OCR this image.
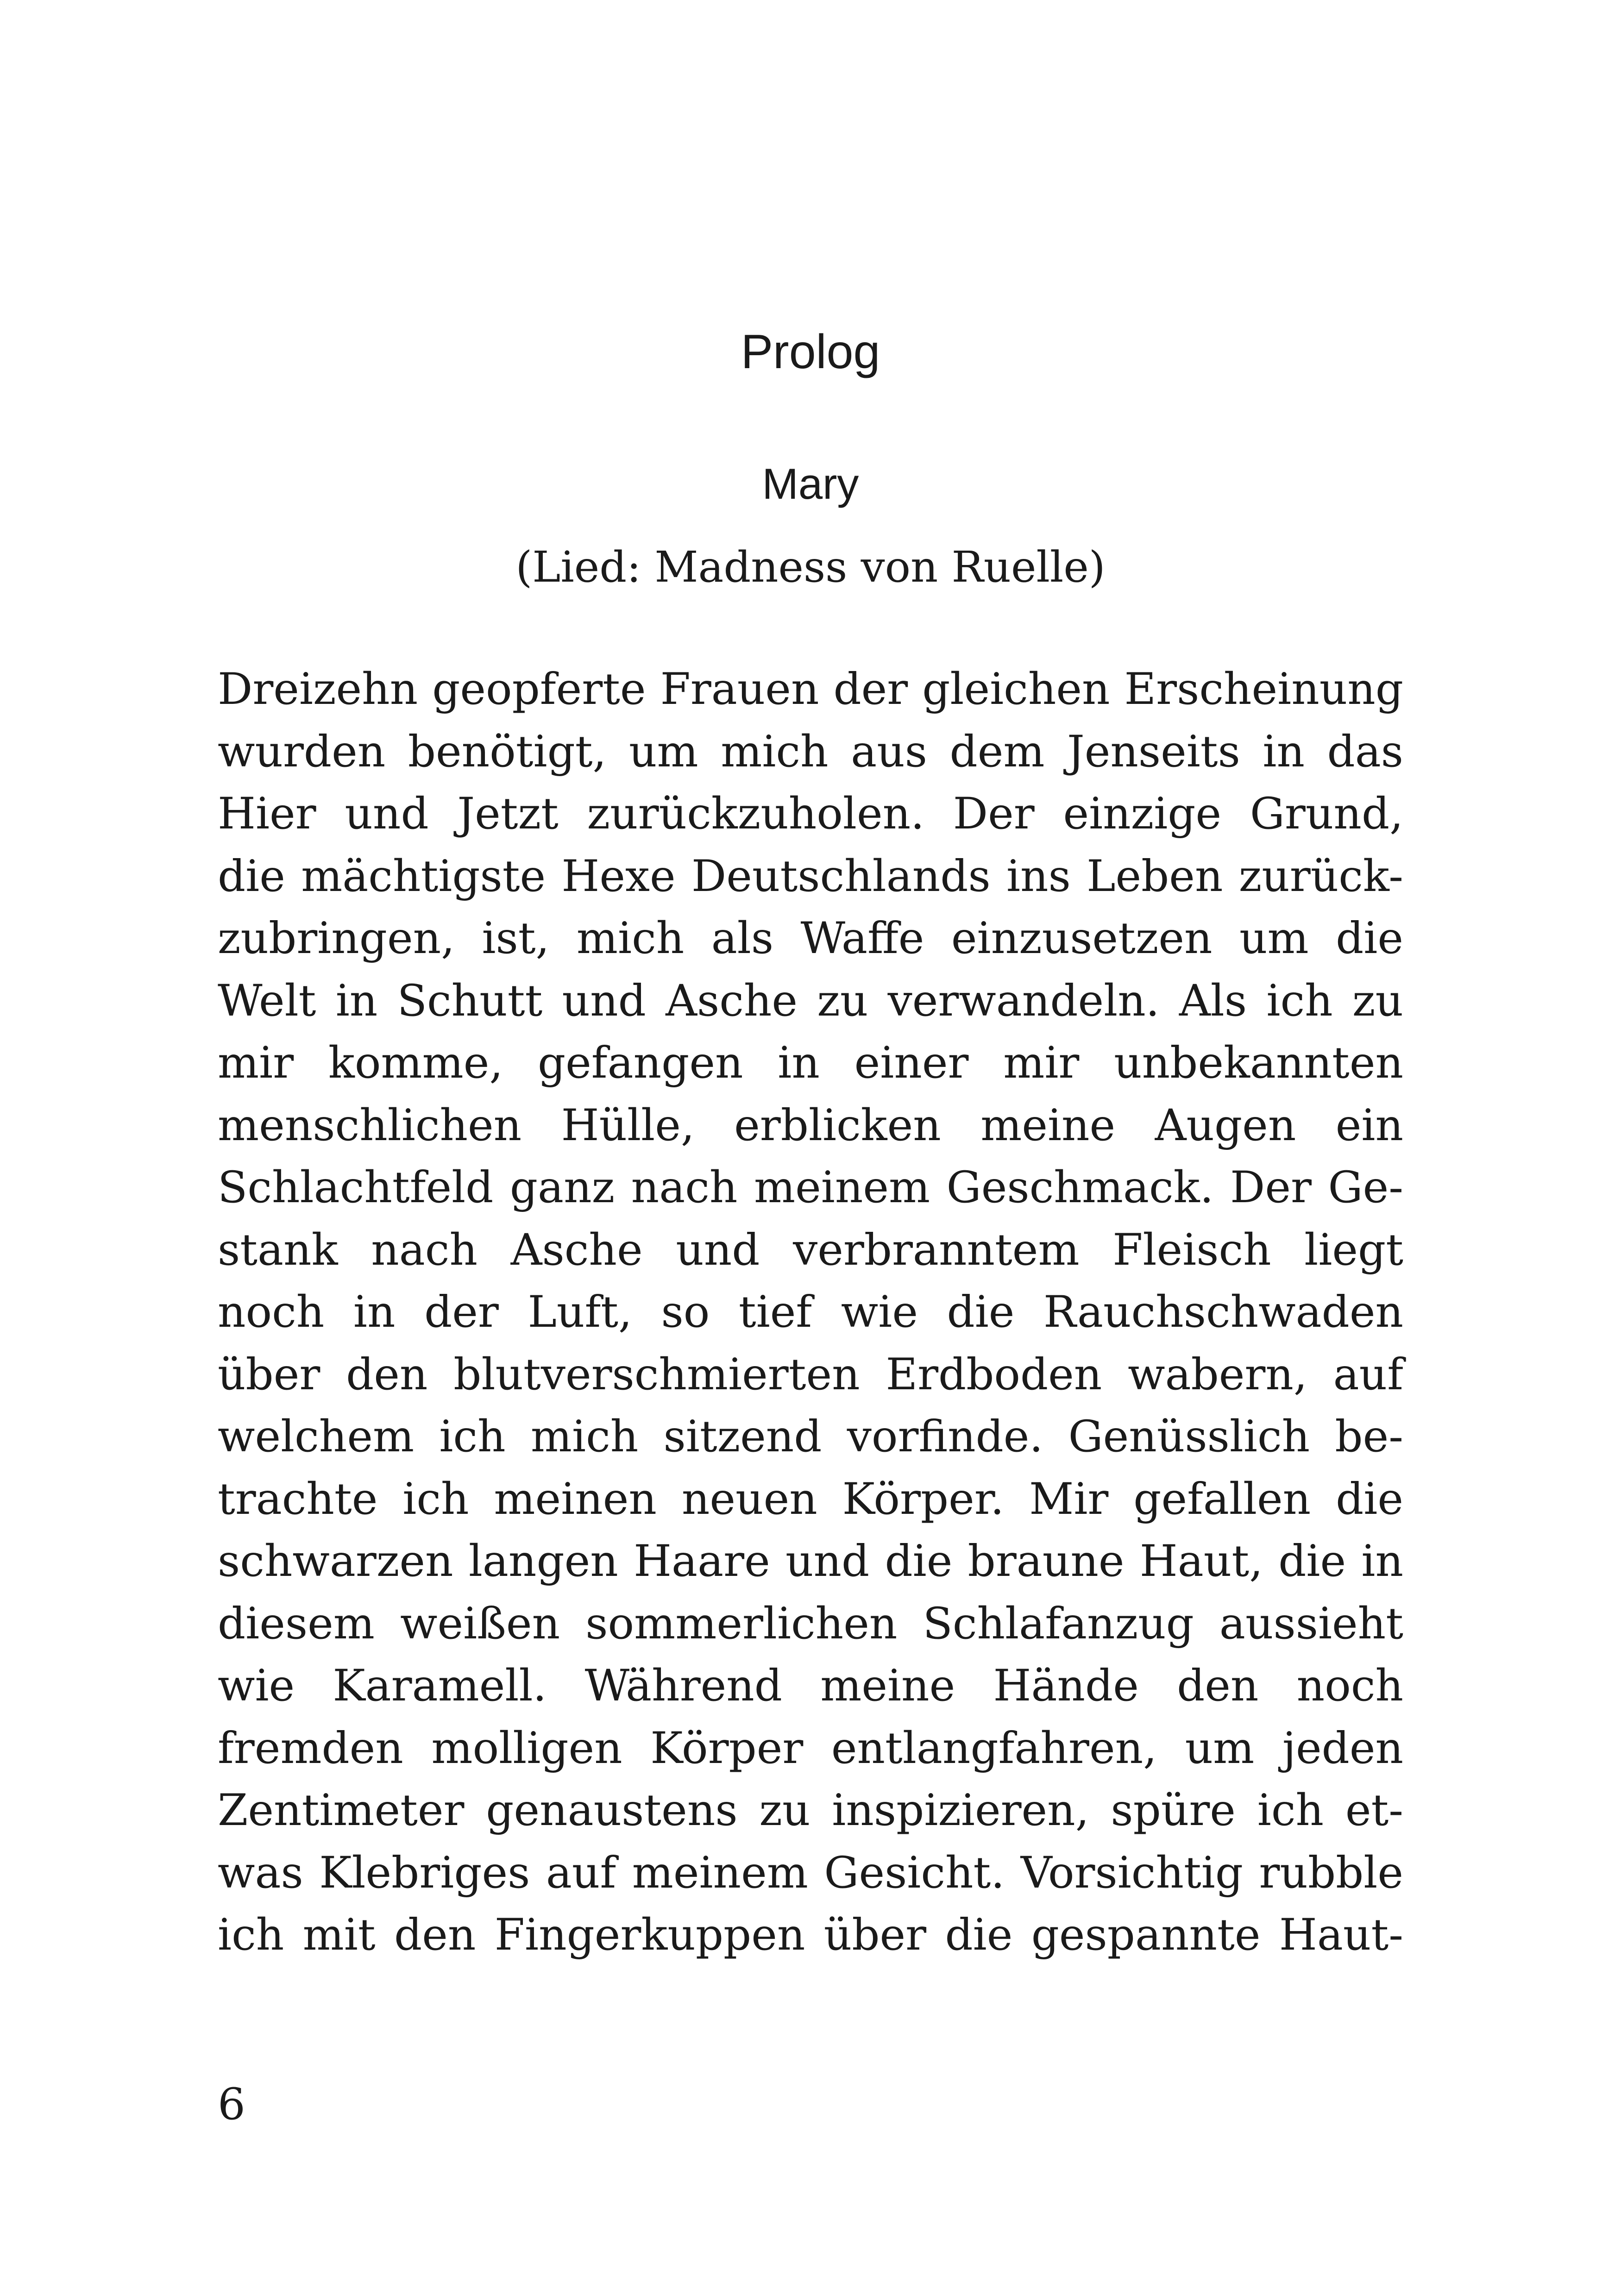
Prolog
Mary

(Lied: Madness von Ruelle)

Dreizehn geopferte Frauen der gleichen Erscheinung
wurden benötigt, um mich aus dem Jenseits in das
Hier und Jetzt zurückzuholen. Der einzige Grund,
die mächtigste Hexe Deutschlands ins Leben zurück-
zubringen, ist, mich als Waffe einzusetzen um die
Welt in Schutt und Asche zu verwandeln. Als ich zu
mir komme, gefangen in einer mir unbekannten
menschlichen Hülle, erblicken meine Augen ein
Schlachtfeld ganz nach meinem Geschmack. Der Ge-
stank nach Asche und verbranntem Fleisch liegt
noch in der Luft, so tief wie die Rauchschwaden
über den blutverschmierten Erdboden wabern, auf
welchem ich mich sitzend vorfinde. Genüsslich be-
trachte ich meinen neuen Körper. Mir gefallen die
schwarzen langen Haare und die braune Haut, die in
diesem weißen sommerlichen Schlafanzug aussieht
wie Karamell. Während meine Hände den noch
fremden molligen Körper entlangfahren, um jeden
Zentimeter genaustens zu inspizieren, spüre ich et-
was Klebriges auf meinem Gesicht. Vorsichtig rubble
ich mit den Fingerkuppen über die gespannte Haut-

6
